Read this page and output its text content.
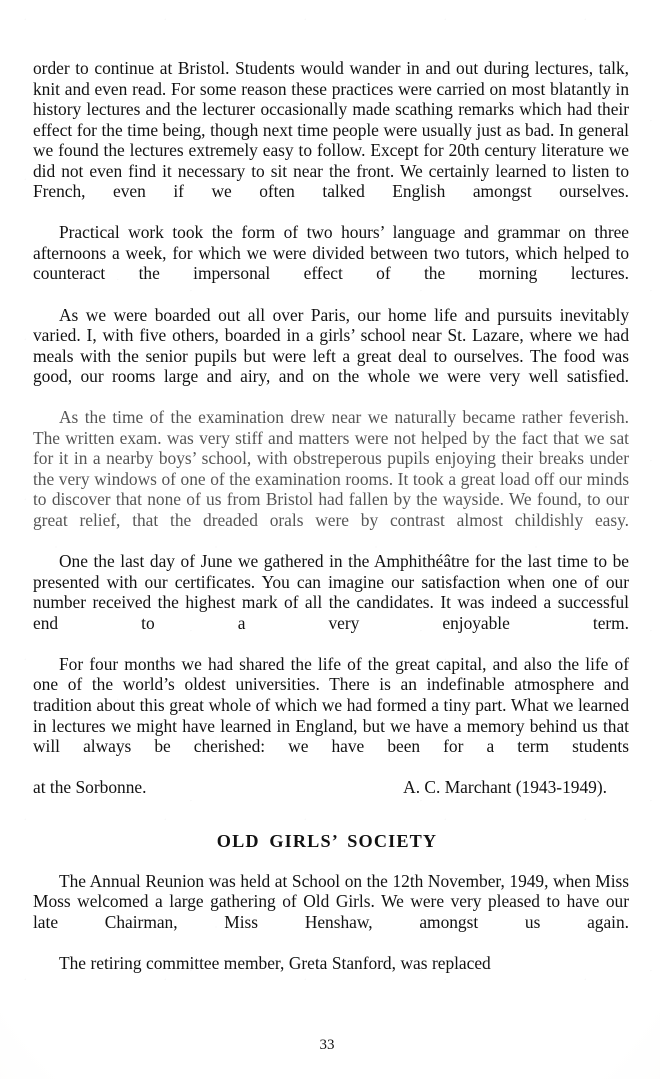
order to continue at Bristol. Students would wander in and out during lectures, talk, knit and even read. For some reason these practices were carried on most blatantly in history lectures and the lecturer occasionally made scathing remarks which had their effect for the time being, though next time people were usually just as bad. In general we found the lectures extremely easy to follow. Except for 20th century literature we did not even find it necessary to sit near the front. We certainly learned to listen to French, even if we often talked English amongst ourselves.

Practical work took the form of two hours’ language and grammar on three afternoons a week, for which we were divided between two tutors, which helped to counteract the impersonal effect of the morning lectures.

As we were boarded out all over Paris, our home life and pursuits inevitably varied. I, with five others, boarded in a girls’ school near St. Lazare, where we had meals with the senior pupils but were left a great deal to ourselves. The food was good, our rooms large and airy, and on the whole we were very well satisfied.

As the time of the examination drew near we naturally became rather feverish. The written exam. was very stiff and matters were not helped by the fact that we sat for it in a nearby boys’ school, with obstreperous pupils enjoying their breaks under the very windows of one of the examination rooms. It took a great load off our minds to discover that none of us from Bristol had fallen by the wayside. We found, to our great relief, that the dreaded orals were by contrast almost childishly easy.

One the last day of June we gathered in the Amphithéâtre for the last time to be presented with our certificates. You can imagine our satisfaction when one of our number received the highest mark of all the candidates. It was indeed a successful end to a very enjoyable term.

For four months we had shared the life of the great capital, and also the life of one of the world’s oldest universities. There is an indefinable atmosphere and tradition about this great whole of which we had formed a tiny part. What we learned in lectures we might have learned in England, but we have a memory behind us that will always be cherished: we have been for a term students

at the Sorbonne.	A. C. Marchant (1943-1949).
OLD GIRLS’ SOCIETY

The Annual Reunion was held at School on the 12th November, 1949, when Miss Moss welcomed a large gathering of Old Girls. We were very pleased to have our late Chairman, Miss Henshaw, amongst us again.

The retiring committee member, Greta Stanford, was replaced

33
